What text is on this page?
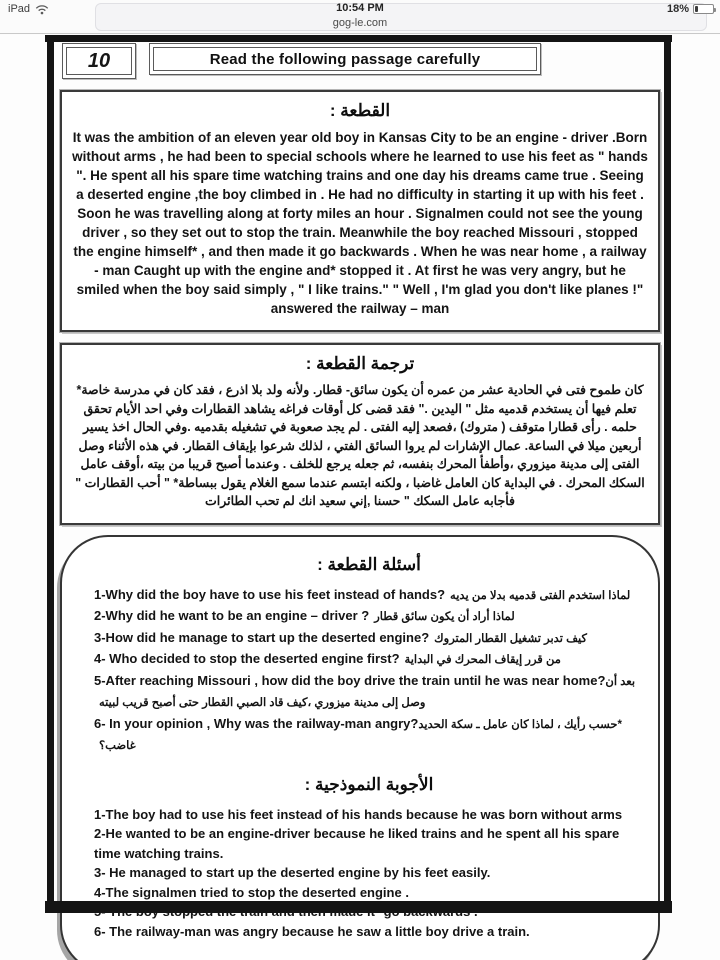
iPad	10:54 PM	18%
gog-le.com
10	Read the following passage carefully
القطعة :
It was the ambition of an eleven year old boy in Kansas City to be an engine - driver .Born without arms , he had been to special schools where he learned to use his feet as " hands ". He spent all his spare time watching trains and one day his dreams came true . Seeing a deserted engine ,the boy climbed in . He had no difficulty in starting it up with his feet . Soon he was travelling along at forty miles an hour . Signalmen could not see the young driver , so they set out to stop the train. Meanwhile the boy reached Missouri , stopped the engine himself* , and then made it go backwards . When he was near home , a railway - man Caught up with the engine and* stopped it . At first he was very angry, but he smiled when the boy said simply , " I like trains." " Well , I'm glad you don't like planes !" answered the railway – man
ترجمة القطعة :
كان طموح فتى في الحادية عشر من عمره أن يكون سائق- قطار. ولأنه ولد بلا اذرع ، فقد كان في مدرسة خاصة* تعلم فيها أن يستخدم قدميه مثل " اليدين ." فقد قضى كل أوقات فراغه يشاهد القطارات وفي احد الأيام تحقق حلمه . رأى قطارا متوقف ( متروك) ،فصعد إليه الفتى . لم يجد صعوبة في تشغيله بقدميه .وفي الحال اخذ يسير أربعين ميلا في الساعة. عمال الإشارات لم يروا السائق الفتي ، لذلك شرعوا بإيقاف القطار. في هذه الأثناء وصل الفتى إلى مدينة ميزوري ،وأطفأ المحرك بنفسه، ثم جعله يرجع للخلف . وعندما أصبح قريبا من بيته ،أوقف عامل السكك المحرك . في البداية كان العامل غاضبا ، ولكنه ابتسم عندما سمع الغلام يقول ببساطة* " أحب القطارات " فأجابه عامل السكك " حسنا ,إني سعيد انك لم تحب الطائرات
أسئلة القطعة :

1-Why did the boy have to use his feet instead of hands? لماذا استخدم الفتى قدميه بدلا من يديه

2-Why did he want to be an engine – driver ? لماذا أراد أن يكون سائق قطار

3-How did he manage to start up the deserted engine? كيف تدبر تشغيل القطار المتروك

4- Who decided to stop the deserted engine first? من قرر إيقاف المحرك في البداية

5-After reaching Missouri , how did the boy drive the train until he was near home?بعد أن وصل إلى مدينة ميزوري ،كيف قاد الصبي القطار حتى أصبح قريب لبيته

6- In your opinion , Why was the railway-man angry?*حسب رأيك ، لماذا كان عامل ـ سكة الحديد غاضب؟

الأجوبة النموذجية :

1-The boy had to use his feet instead of his hands because he was born without arms

2-He wanted to be an engine-driver because he liked trains and he spent all his spare time watching trains.

3- He managed to start up the deserted engine by his feet easily.

4-The signalmen tried to stop the deserted engine .

6- The railway-man was angry because he saw a little boy drive a train.
